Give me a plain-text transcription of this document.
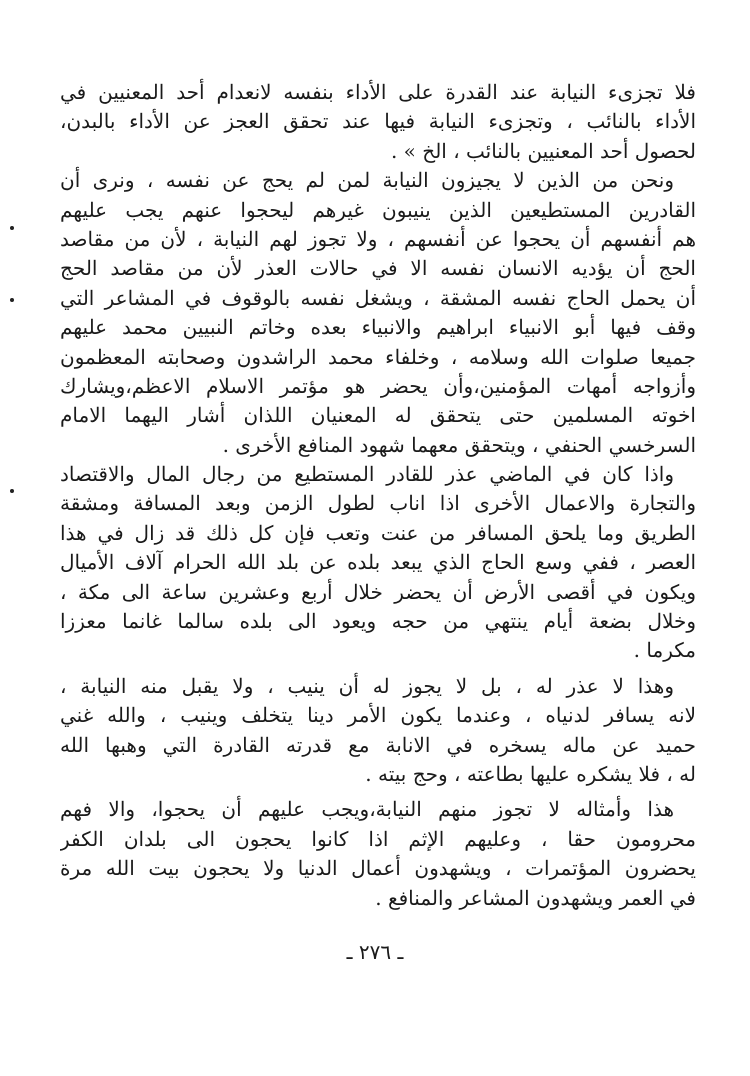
فلا تجزىء النيابة عند القدرة على الأداء بنفسه لانعدام أحد المعنيين في
الأداء بالنائب ، وتجزىء النيابة فيها عند تحقق العجز عن الأداء بالبدن،
لحصول أحد المعنيين بالنائب ، الخ » .
ونحن من الذين لا يجيزون النيابة لمن لم يحج عن نفسه ، ونرى أن
القادرين المستطيعين الذين ينيبون غيرهم ليحجوا عنهم يجب عليهم
هم أنفسهم أن يحجوا عن أنفسهم ، ولا تجوز لهم النيابة ، لأن من مقاصد
الحج أن يؤديه الانسان نفسه الا في حالات العذر لأن من مقاصد الحج
أن يحمل الحاج نفسه المشقة ، ويشغل نفسه بالوقوف في المشاعر التي
وقف فيها أبو الانبياء ابراهيم والانبياء بعده وخاتم النبيين محمد عليهم
جميعا صلوات الله وسلامه ، وخلفاء محمد الراشدون وصحابته المعظمون
وأزواجه أمهات المؤمنين،وأن يحضر هو مؤتمر الاسلام الاعظم،ويشارك
اخوته المسلمين حتى يتحقق له المعنيان اللذان أشار اليهما الامام
السرخسي الحنفي ، ويتحقق معهما شهود المنافع الأخرى .
واذا كان في الماضي عذر للقادر المستطيع من رجال المال والاقتصاد
والتجارة والاعمال الأخرى اذا اناب لطول الزمن وبعد المسافة ومشقة
الطريق وما يلحق المسافر من عنت وتعب فإن كل ذلك قد زال في هذا
العصر ، ففي وسع الحاج الذي يبعد بلده عن بلد الله الحرام آلاف الأميال
ويكون في أقصى الأرض أن يحضر خلال أربع وعشرين ساعة الى مكة ،
وخلال بضعة أيام ينتهي من حجه ويعود الى بلده سالما غانما معززا
مكرما .
وهذا لا عذر له ، بل لا يجوز له أن ينيب ، ولا يقبل منه النيابة ،
لانه يسافر لدنياه ، وعندما يكون الأمر دينا يتخلف وينيب ، والله غني
حميد عن ماله يسخره في الانابة مع قدرته القادرة التي وهبها الله
له ، فلا يشكره عليها بطاعته ، وحج بيته .
هذا وأمثاله لا تجوز منهم النيابة،ويجب عليهم أن يحجوا، والا فهم
محرومون حقا ، وعليهم الإثم اذا كانوا يحجون الى بلدان الكفر
يحضرون المؤتمرات ، ويشهدون أعمال الدنيا ولا يحجون بيت الله مرة
في العمر ويشهدون المشاعر والمنافع .
ـ ٢٧٦ ـ
